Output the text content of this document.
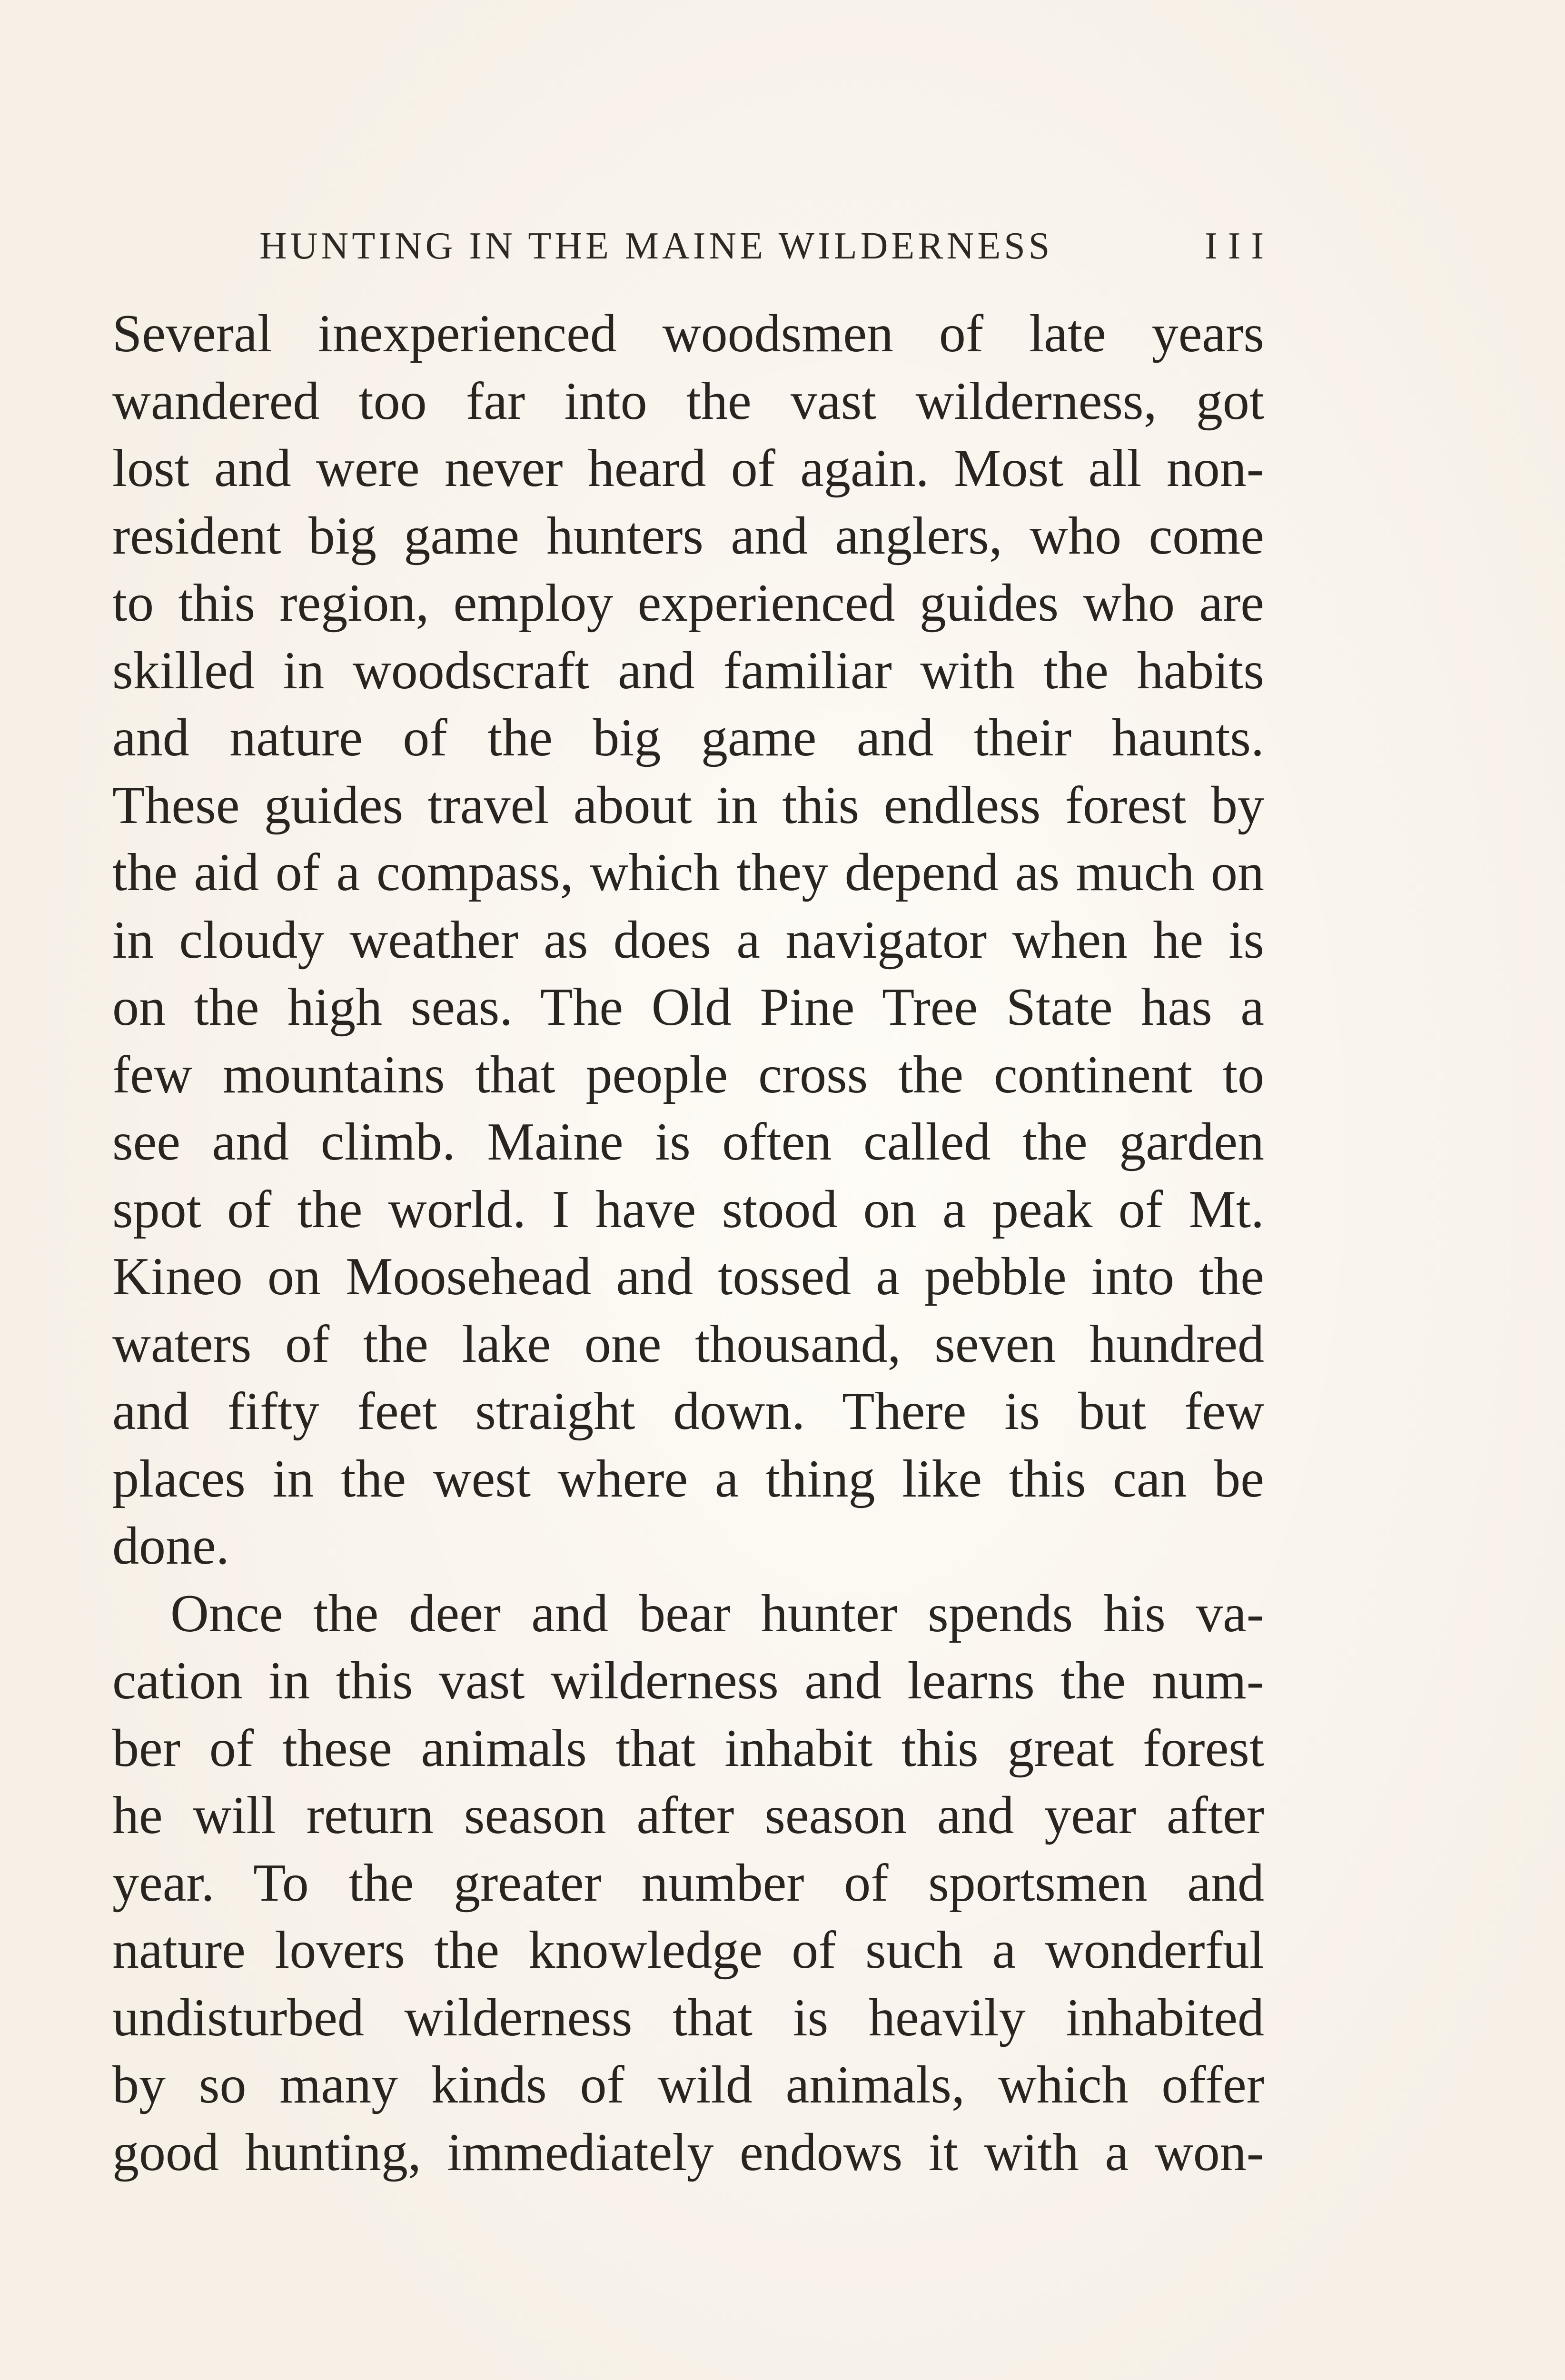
HUNTING IN THE MAINE WILDERNESS	III
Several inexperienced woodsmen of late years
wandered too far into the vast wilderness, got
lost and were never heard of again. Most all non-
resident big game hunters and anglers, who come
to this region, employ experienced guides who are
skilled in woodscraft and familiar with the habits
and nature of the big game and their haunts.
These guides travel about in this endless forest by
the aid of a compass, which they depend as much on
in cloudy weather as does a navigator when he is
on the high seas. The Old Pine Tree State has a
few mountains that people cross the continent to
see and climb. Maine is often called the garden
spot of the world. I have stood on a peak of Mt.
Kineo on Moosehead and tossed a pebble into the
waters of the lake one thousand, seven hundred
and fifty feet straight down. There is but few
places in the west where a thing like this can be
done.
Once the deer and bear hunter spends his va-
cation in this vast wilderness and learns the num-
ber of these animals that inhabit this great forest
he will return season after season and year after
year. To the greater number of sportsmen and
nature lovers the knowledge of such a wonderful
undisturbed wilderness that is heavily inhabited
by so many kinds of wild animals, which offer
good hunting, immediately endows it with a won-
